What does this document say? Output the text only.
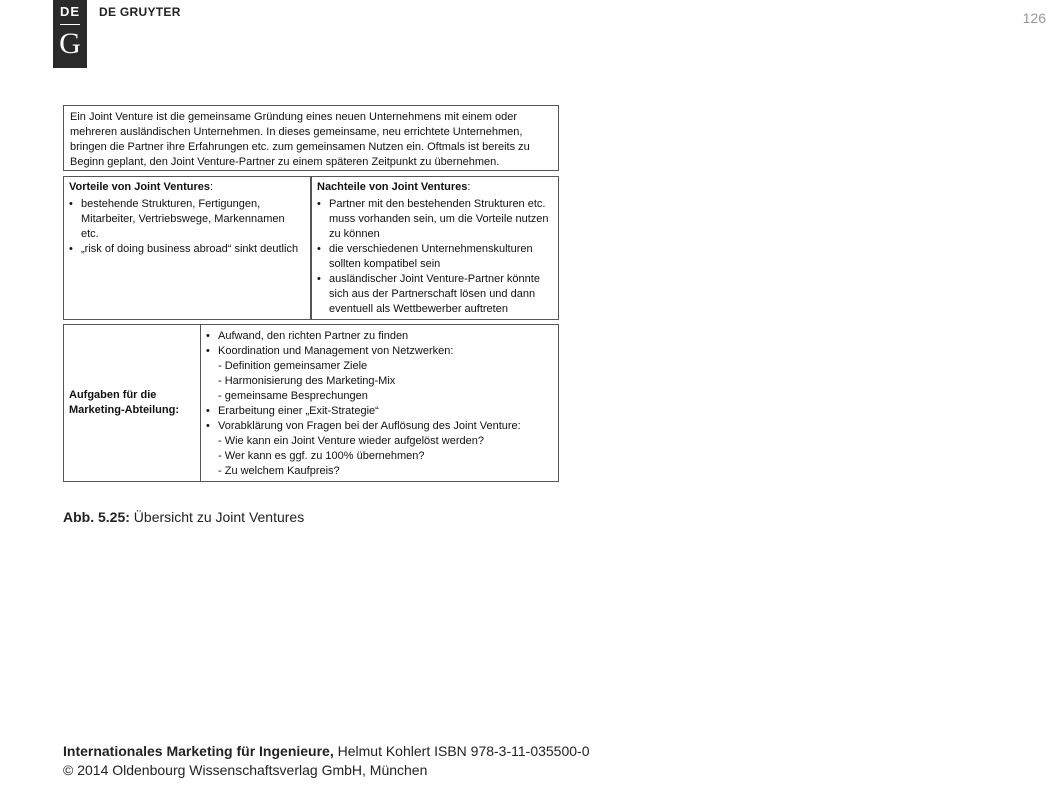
DE
G
DE GRUYTER	126
Ein Joint Venture ist die gemeinsame Gründung eines neuen Unternehmens mit einem oder mehreren ausländischen Unternehmen. In dieses gemeinsame, neu errichtete Unternehmen, bringen die Partner ihre Erfahrungen etc. zum gemeinsamen Nutzen ein. Oftmals ist bereits zu Beginn geplant, den Joint Venture-Partner zu einem späteren Zeitpunkt zu übernehmen.
Vorteile von Joint Ventures:
• bestehende Strukturen, Fertigungen, Mitarbeiter, Vertriebswege, Markennamen etc.
• „risk of doing business abroad“ sinkt deutlich
Nachteile von Joint Ventures:
• Partner mit den bestehenden Strukturen etc. muss vorhanden sein, um die Vorteile nutzen zu können
• die verschiedenen Unternehmenskulturen sollten kompatibel sein
• ausländischer Joint Venture-Partner könnte sich aus der Partnerschaft lösen und dann eventuell als Wettbewerber auftreten
Aufgaben für die Marketing-Abteilung:
• Aufwand, den richten Partner zu finden
• Koordination und Management von Netzwerken:
- Definition gemeinsamer Ziele
- Harmonisierung des Marketing-Mix
- gemeinsame Besprechungen
• Erarbeitung einer „Exit-Strategie“
• Vorabklärung von Fragen bei der Auflösung des Joint Venture:
- Wie kann ein Joint Venture wieder aufgelöst werden?
- Wer kann es ggf. zu 100% übernehmen?
- Zu welchem Kaufpreis?
Abb. 5.25: Übersicht zu Joint Ventures
Internationales Marketing für Ingenieure, Helmut Kohlert ISBN 978-3-11-035500-0
© 2014 Oldenbourg Wissenschaftsverlag GmbH, München
